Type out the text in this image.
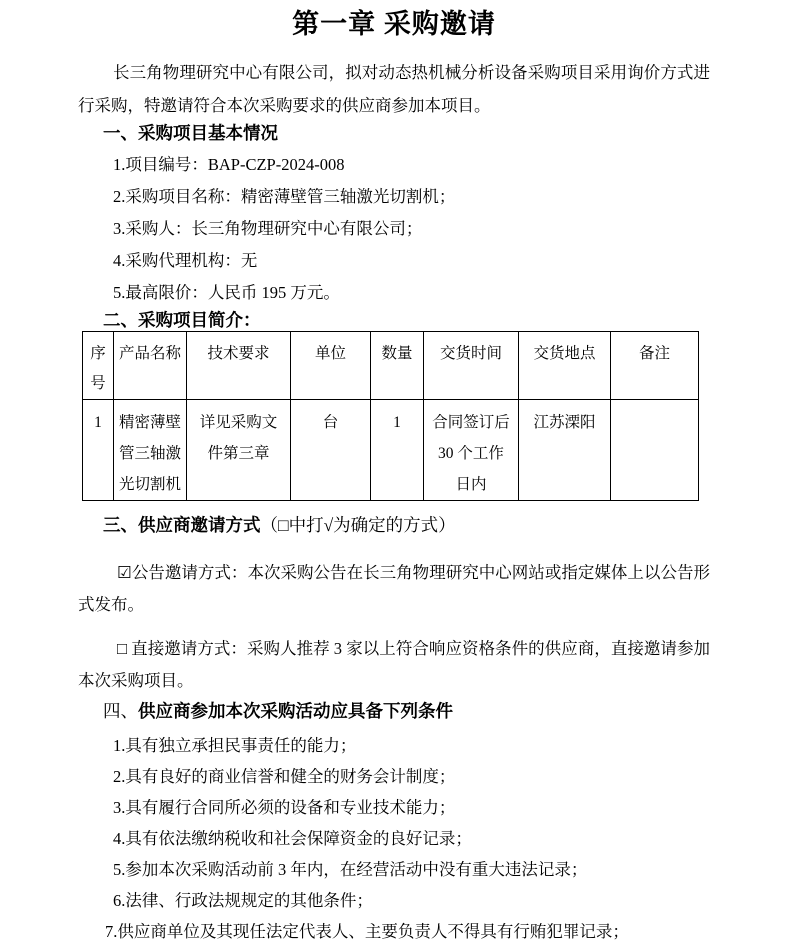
第一章 采购邀请

长三角物理研究中心有限公司，拟对动态热机械分析设备采购项目采用询价方式进行采购，特邀请符合本次采购要求的供应商参加本项目。

一、采购项目基本情况

1.项目编号：BAP-CZP-2024-008

2.采购项目名称：精密薄壁管三轴激光切割机；

3.采购人：长三角物理研究中心有限公司；

4.采购代理机构：无

5.最高限价：人民币 195 万元。

二、采购项目简介：
序号	产品名称	技术要求	单位	数量	交货时间	交货地点	备注
1	精密薄壁管三轴激光切割机	详见采购文件第三章	台	1	合同签订后 30 个工作日内	江苏溧阳	
三、供应商邀请方式（□中打√为确定的方式）

☑公告邀请方式：本次采购公告在长三角物理研究中心网站或指定媒体上以公告形式发布。

□ 直接邀请方式：采购人推荐 3 家以上符合响应资格条件的供应商，直接邀请参加本次采购项目。

四、供应商参加本次采购活动应具备下列条件

1.具有独立承担民事责任的能力；

2.具有良好的商业信誉和健全的财务会计制度；

3.具有履行合同所必须的设备和专业技术能力；

4.具有依法缴纳税收和社会保障资金的良好记录；

5.参加本次采购活动前 3 年内，在经营活动中没有重大违法记录；

6.法律、行政法规规定的其他条件；

7.供应商单位及其现任法定代表人、主要负责人不得具有行贿犯罪记录；
